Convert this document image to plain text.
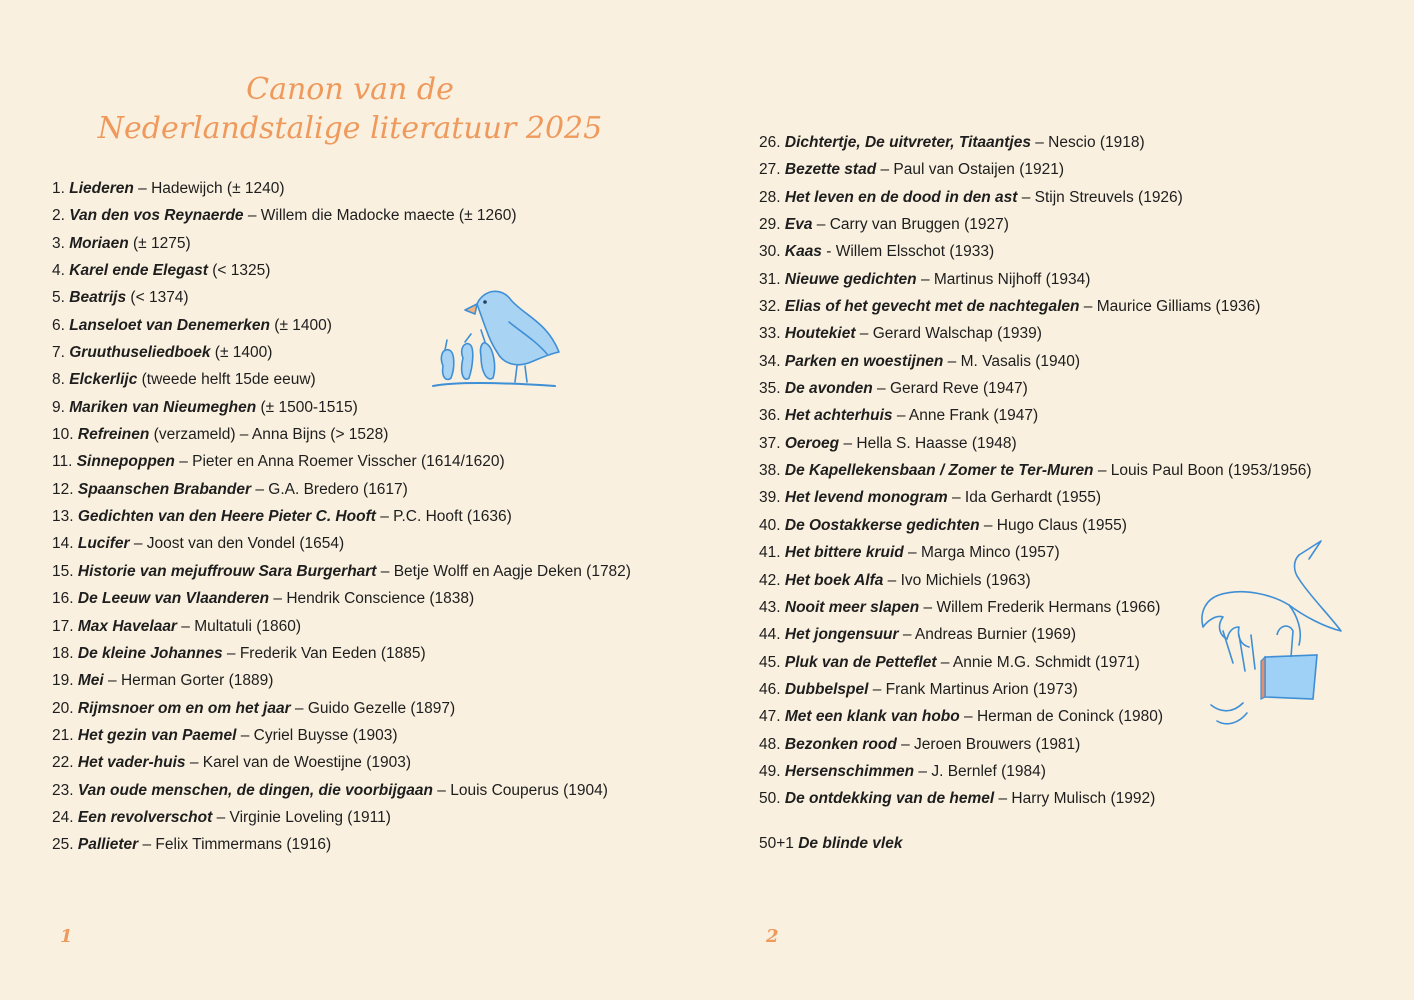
Canon van de
Nederlandstalige literatuur 2025
1. Liederen – Hadewijch (± 1240)
2. Van den vos Reynaerde – Willem die Madocke maecte (± 1260)
3. Moriaen (± 1275)
4. Karel ende Elegast (< 1325)
5. Beatrijs (< 1374)
6. Lanseloet van Denemerken (± 1400)
7. Gruuthuseliedboek (± 1400)
8. Elckerlijc (tweede helft 15de eeuw)
9. Mariken van Nieumeghen (± 1500-1515)
10. Refreinen (verzameld) – Anna Bijns (> 1528)
11. Sinnepoppen – Pieter en Anna Roemer Visscher (1614/1620)
12. Spaanschen Brabander – G.A. Bredero (1617)
13. Gedichten van den Heere Pieter C. Hooft – P.C. Hooft (1636)
14. Lucifer – Joost van den Vondel (1654)
15. Historie van mejuffrouw Sara Burgerhart – Betje Wolff en Aagje Deken (1782)
16. De Leeuw van Vlaanderen – Hendrik Conscience (1838)
17. Max Havelaar – Multatuli (1860)
18. De kleine Johannes – Frederik Van Eeden (1885)
19. Mei – Herman Gorter (1889)
20. Rijmsnoer om en om het jaar – Guido Gezelle (1897)
21. Het gezin van Paemel – Cyriel Buysse (1903)
22. Het vader-huis – Karel van de Woestijne (1903)
23. Van oude menschen, de dingen, die voorbijgaan – Louis Couperus (1904)
24. Een revolverschot – Virginie Loveling (1911)
25. Pallieter – Felix Timmermans (1916)
26. Dichtertje, De uitvreter, Titaantjes – Nescio (1918)
27. Bezette stad – Paul van Ostaijen (1921)
28. Het leven en de dood in den ast – Stijn Streuvels (1926)
29. Eva – Carry van Bruggen (1927)
30. Kaas - Willem Elsschot (1933)
31. Nieuwe gedichten – Martinus Nijhoff (1934)
32. Elias of het gevecht met de nachtegalen – Maurice Gilliams (1936)
33. Houtekiet – Gerard Walschap (1939)
34. Parken en woestijnen – M. Vasalis (1940)
35. De avonden – Gerard Reve (1947)
36. Het achterhuis – Anne Frank (1947)
37. Oeroeg – Hella S. Haasse (1948)
38. De Kapellekensbaan / Zomer te Ter-Muren – Louis Paul Boon (1953/1956)
39. Het levend monogram – Ida Gerhardt (1955)
40. De Oostakkerse gedichten – Hugo Claus (1955)
41. Het bittere kruid – Marga Minco (1957)
42. Het boek Alfa – Ivo Michiels (1963)
43. Nooit meer slapen – Willem Frederik Hermans (1966)
44. Het jongensuur – Andreas Burnier (1969)
45. Pluk van de Petteflet – Annie M.G. Schmidt (1971)
46. Dubbelspel – Frank Martinus Arion (1973)
47. Met een klank van hobo – Herman de Coninck (1980)
48. Bezonken rood – Jeroen Brouwers (1981)
49. Hersenschimmen – J. Bernlef (1984)
50. De ontdekking van de hemel – Harry Mulisch (1992)
50+1 De blinde vlek
1	2
